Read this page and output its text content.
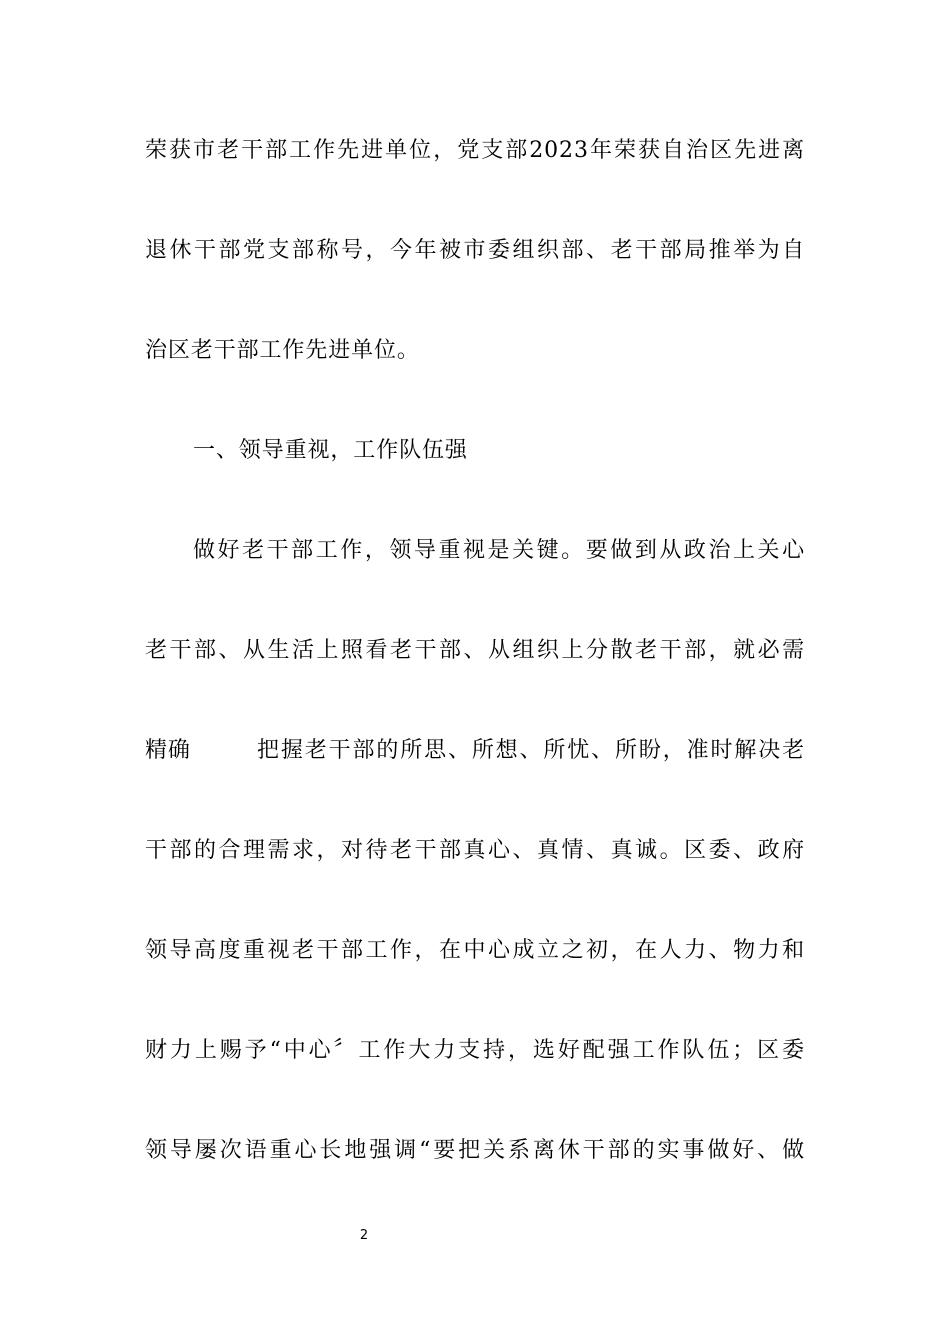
荣获市老干部工作先进单位，党支部2023年荣获自治区先进离
退休干部党支部称号，今年被市委组织部、老干部局推举为自
治区老干部工作先进单位。
一、领导重视，工作队伍强
做好老干部工作，领导重视是关键。要做到从政治上关心
老干部、从生活上照看老干部、从组织上分散老干部，就必需
精确	把握老干部的所思、所想、所忧、所盼，准时解决老
干部的合理需求，对待老干部真心、真情、真诚。区委、政府
领导高度重视老干部工作，在中心成立之初，在人力、物力和
财力上赐予“中心〞工作大力支持，选好配强工作队伍；区委
领导屡次语重心长地强调“要把关系离休干部的实事做好、做
2
